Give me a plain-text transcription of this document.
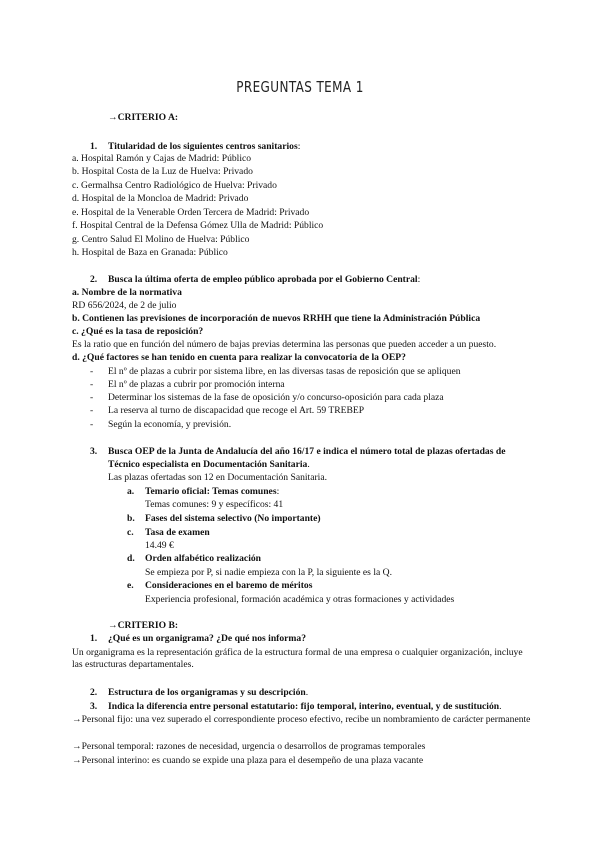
PREGUNTAS TEMA 1
→CRITERIO A:
1. Titularidad de los siguientes centros sanitarios:
a. Hospital Ramón y Cajas de Madrid: Público
b. Hospital Costa de la Luz de Huelva: Privado
c. Germalhsa Centro Radiológico de Huelva: Privado
d. Hospital de la Moncloa de Madrid: Privado
e. Hospital de la Venerable Orden Tercera de Madrid: Privado
f. Hospital Central de la Defensa Gómez Ulla de Madrid: Público
g. Centro Salud El Molino de Huelva: Público
h. Hospital de Baza en Granada: Público
2. Busca la última oferta de empleo público aprobada por el Gobierno Central:
a. Nombre de la normativa
RD 656/2024, de 2 de julio
b. Contienen las previsiones de incorporación de nuevos RRHH que tiene la Administración Pública
c. ¿Qué es la tasa de reposición?
Es la ratio que en función del número de bajas previas determina las personas que pueden acceder a un puesto.
d. ¿Qué factores se han tenido en cuenta para realizar la convocatoria de la OEP?
- El nº de plazas a cubrir por sistema libre, en las diversas tasas de reposición que se apliquen
- El nº de plazas a cubrir por promoción interna
- Determinar los sistemas de la fase de oposición y/o concurso-oposición para cada plaza
- La reserva al turno de discapacidad que recoge el Art. 59 TREBEP
- Según la economía, y previsión.
3. Busca OEP de la Junta de Andalucía del año 16/17 e indica el número total de plazas ofertadas de
Técnico especialista en Documentación Sanitaria.
Las plazas ofertadas son 12 en Documentación Sanitaria.
a. Temario oficial: Temas comunes:
Temas comunes: 9 y específicos: 41
b. Fases del sistema selectivo (No importante)
c. Tasa de examen
14.49 €
d. Orden alfabético realización
Se empieza por P, si nadie empieza con la P, la siguiente es la Q.
e. Consideraciones en el baremo de méritos
Experiencia profesional, formación académica y otras formaciones y actividades
→CRITERIO B:
1. ¿Qué es un organigrama? ¿De qué nos informa?
Un organigrama es la representación gráfica de la estructura formal de una empresa o cualquier organización, incluye las estructuras departamentales.
2. Estructura de los organigramas y su descripción.
3. Indica la diferencia entre personal estatutario: fijo temporal, interino, eventual, y de sustitución.
→Personal fijo: una vez superado el correspondiente proceso efectivo, recibe un nombramiento de carácter permanente
→Personal temporal: razones de necesidad, urgencia o desarrollos de programas temporales
→Personal interino: es cuando se expide una plaza para el desempeño de una plaza vacante
